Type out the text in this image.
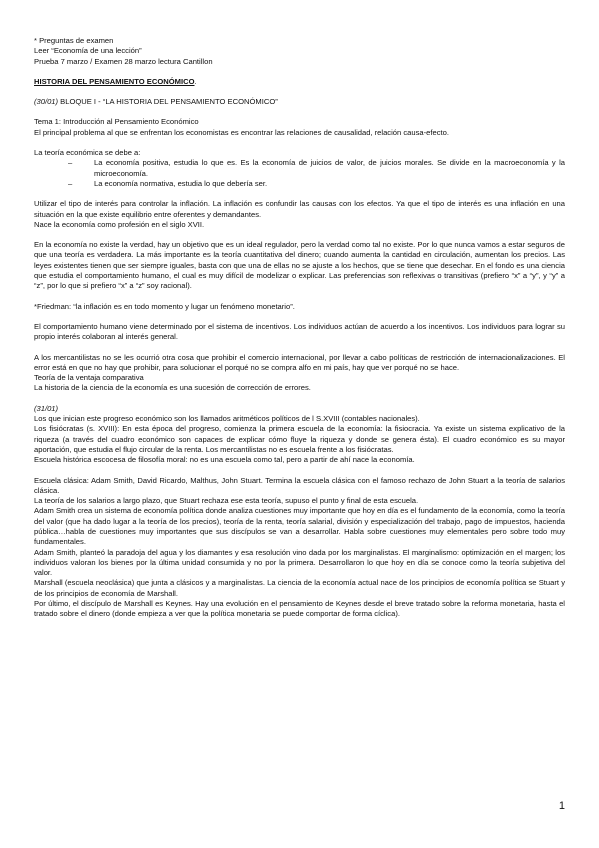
* Preguntas de examen

Leer “Economía de una lección”

Prueba 7 marzo / Examen 28 marzo lectura Cantillon

HISTORIA DEL PENSAMIENTO ECONÓMICO.

(30/01) BLOQUE I - “LA HISTORIA DEL PENSAMIENTO ECONÓMICO”

Tema 1: Introducción al Pensamiento Económico

El principal problema al que se enfrentan los economistas es encontrar las relaciones de causalidad, relación causa-efecto.

La teoría económica se debe a:

– La economía positiva, estudia lo que es. Es la economía de juicios de valor, de juicios morales. Se divide en la macroeconomía y la microeconomía.
– La economía normativa, estudia lo que debería ser.

Utilizar el tipo de interés para controlar la inflación. La inflación es confundir las causas con los efectos. Ya que el tipo de interés es una inflación en una situación en la que existe equilibrio entre oferentes y demandantes.

Nace la economía como profesión en el siglo XVII.

En la economía no existe la verdad, hay un objetivo que es un ideal regulador, pero la verdad como tal no existe. Por lo que nunca vamos a estar seguros de que una teoría es verdadera. La más importante es la teoría cuantitativa del dinero; cuando aumenta la cantidad en circulación, aumentan los precios. Las leyes existentes tienen que ser siempre iguales, basta con que una de ellas no se ajuste a los hechos, que se tiene que desechar. En el fondo es una ciencia que estudia el comportamiento humano, el cual es muy difícil de modelizar o explicar. Las preferencias son reflexivas o transitivas (prefiero “x” a “y”, y “y” a “z”, por lo que si prefiero “x” a “z” soy racional).

*Friedman: “la inflación es en todo momento y lugar un fenómeno monetario”.

El comportamiento humano viene determinado por el sistema de incentivos. Los individuos actúan de acuerdo a los incentivos. Los individuos para lograr su propio interés colaboran al interés general.

A los mercantilistas no se les ocurrió otra cosa que prohibir el comercio internacional, por llevar a cabo políticas de restricción de internacionalizaciones. El error está en que no hay que prohibir, para solucionar el porqué no se compra alfo en mi país, hay que ver porqué no se hace.

Teoría de la ventaja comparativa

La historia de la ciencia de la economía es una sucesión de corrección de errores.

(31/01)

Los que inician este progreso económico son los llamados aritméticos políticos de l S.XVIII (contables nacionales).

Los fisiócratas (s. XVIII): En esta época del progreso, comienza la primera escuela de la economía: la fisiocracia. Ya existe un sistema explicativo de la riqueza (a través del cuadro económico son capaces de explicar cómo fluye la riqueza y donde se genera ésta). El cuadro económico es su mayor aportación, que estudia el flujo circular de la renta. Los mercantilistas no es escuela frente a los fisiócratas.

Escuela histórica escocesa de filosofía moral: no es una escuela como tal, pero a partir de ahí nace la economía.

Escuela clásica: Adam Smith, David Ricardo, Malthus, John Stuart. Termina la escuela clásica con el famoso rechazo de John Stuart a la teoría de salarios clásica.

La teoría de los salarios a largo plazo, que Stuart rechaza ese esta teoría, supuso el punto y final de esta escuela.

Adam Smith crea un sistema de economía política donde analiza cuestiones muy importante que hoy en día es el fundamento de la economía, como la teoría del valor (que ha dado lugar a la teoría de los precios), teoría de la renta, teoría salarial, división y especialización del trabajo, pago de impuestos, hacienda pública…habla de cuestiones muy importantes que sus discípulos se van a desarrollar. Habla sobre cuestiones muy elementales pero sobre todo muy fundamentales.

Adam Smith, planteó la paradoja del agua y los diamantes y esa resolución vino dada por los marginalistas. El marginalismo: optimización en el margen; los individuos valoran los bienes por la última unidad consumida y no por la primera. Desarrollaron lo que hoy en día se conoce como la teoría subjetiva del valor.

Marshall (escuela neoclásica) que junta a clásicos y a marginalistas. La ciencia de la economía actual nace de los principios de economía política se Stuart y de los principios de economía de Marshall.

Por último, el discípulo de Marshall es Keynes. Hay una evolución en el pensamiento de Keynes desde el breve tratado sobre la reforma monetaria, hasta el tratado sobre el dinero (donde empieza a ver que la política monetaria se puede comportar de forma cíclica).

1
